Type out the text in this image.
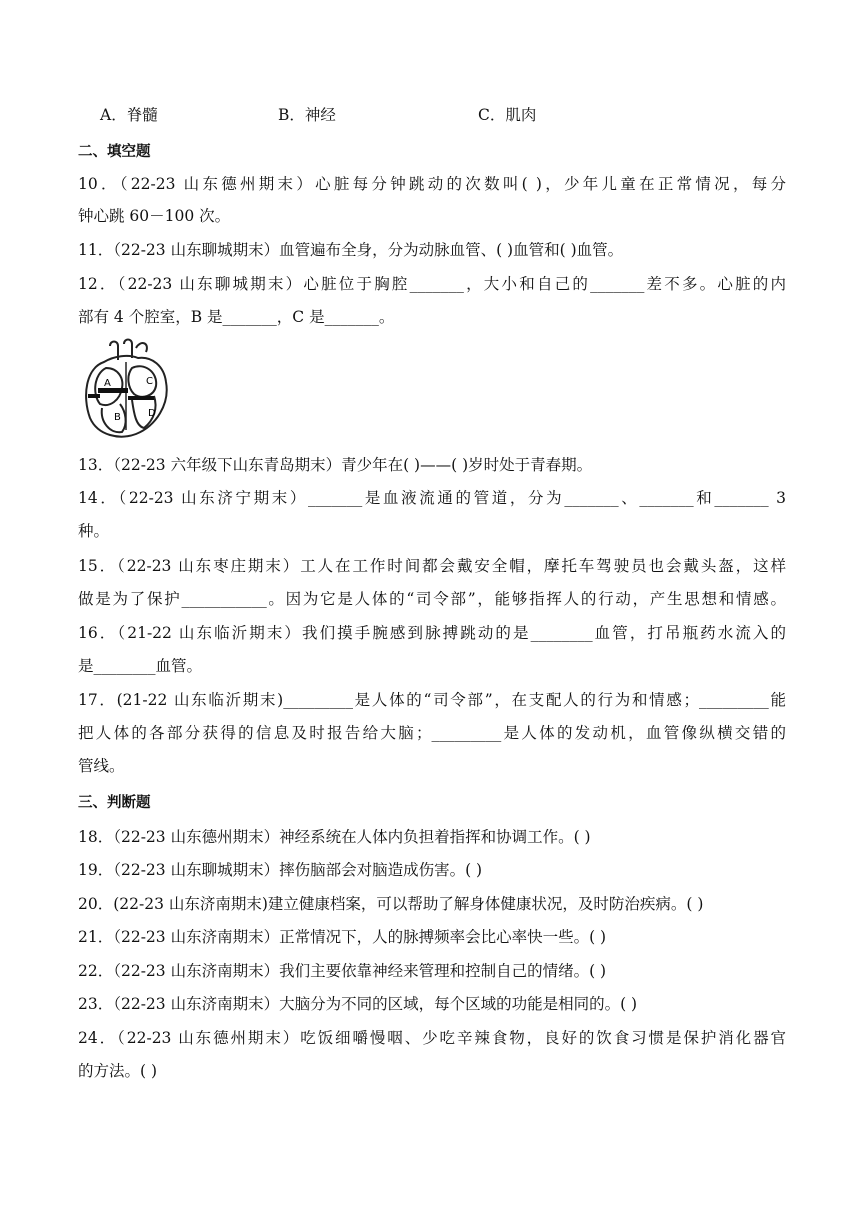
A．脊髓	B．神经	C．肌肉
二、填空题
10．（22-23 山东德州期末）心脏每分钟跳动的次数叫( )，少年儿童在正常情况，每分
钟心跳 60－100 次。
11．（22-23 山东聊城期末）血管遍布全身，分为动脉血管、( )血管和( )血管。
12．（22-23 山东聊城期末）心脏位于胸腔_______，大小和自己的_______差不多。心脏的内
部有 4 个腔室，B 是_______，C 是_______。
A
B
C
D
13．（22-23 六年级下山东青岛期末）青少年在( )——( )岁时处于青春期。
14．（22-23 山东济宁期末）_______是血液流通的管道，分为_______、_______和_______ 3
种。
15．（22-23 山东枣庄期末）工人在工作时间都会戴安全帽，摩托车驾驶员也会戴头盔，这样
做是为了保护___________。因为它是人体的“司令部”，能够指挥人的行动，产生思想和情感。
16．（21-22 山东临沂期末）我们摸手腕感到脉搏跳动的是________血管，打吊瓶药水流入的
是________血管。
17．(21-22 山东临沂期末)_________是人体的“司令部”，在支配人的行为和情感；_________能
把人体的各部分获得的信息及时报告给大脑；_________是人体的发动机，血管像纵横交错的
管线。
三、判断题
18．（22-23 山东德州期末）神经系统在人体内负担着指挥和协调工作。( )
19．（22-23 山东聊城期末）摔伤脑部会对脑造成伤害。( )
20．(22-23 山东济南期末)建立健康档案，可以帮助了解身体健康状况，及时防治疾病。( )
21．（22-23 山东济南期末）正常情况下，人的脉搏频率会比心率快一些。( )
22．（22-23 山东济南期末）我们主要依靠神经来管理和控制自己的情绪。( )
23．（22-23 山东济南期末）大脑分为不同的区域，每个区域的功能是相同的。( )
24．（22-23 山东德州期末）吃饭细嚼慢咽、少吃辛辣食物，良好的饮食习惯是保护消化器官
的方法。( )
